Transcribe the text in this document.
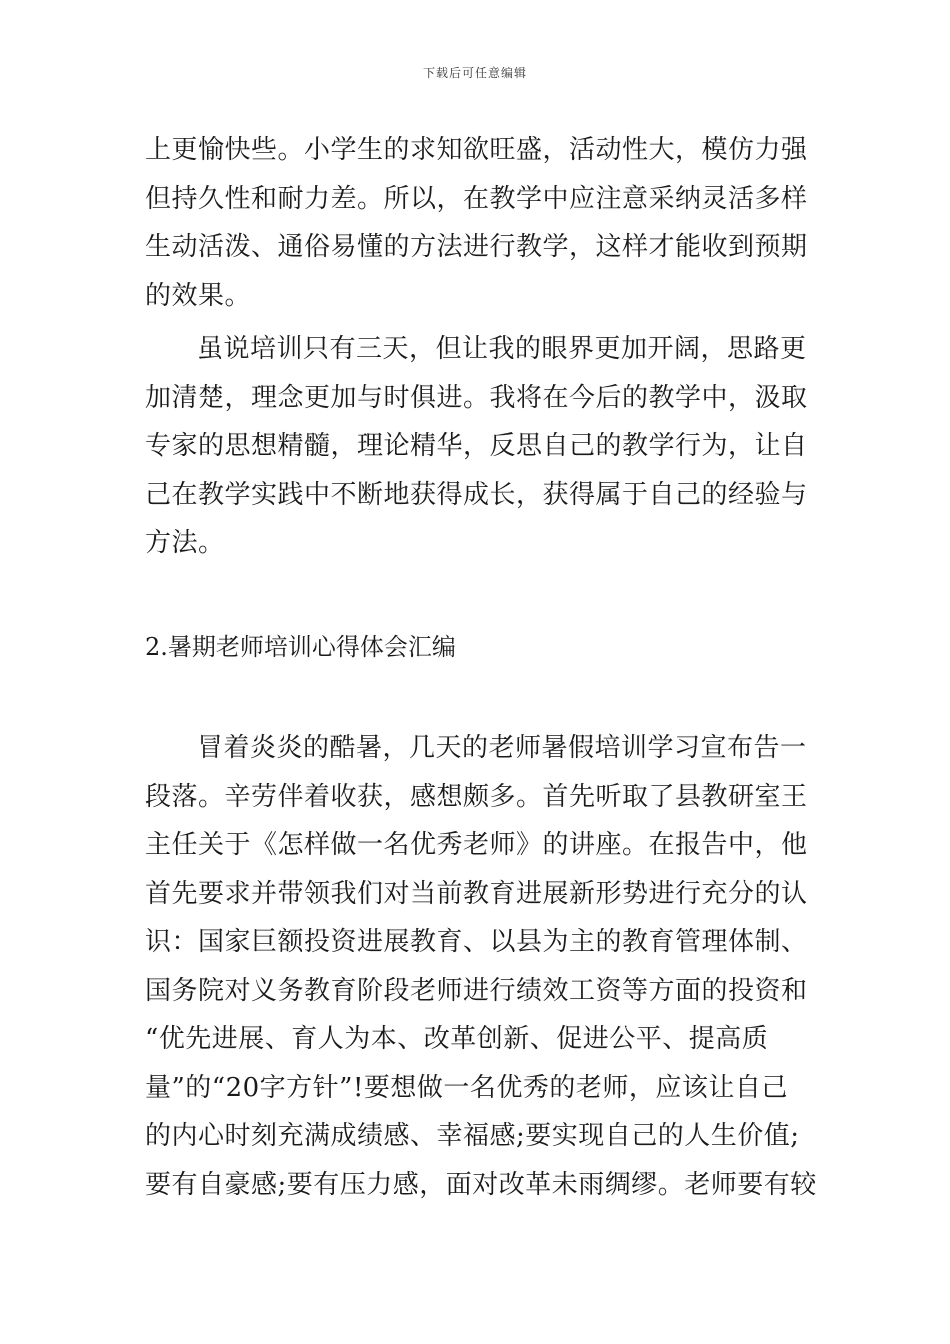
下载后可任意编辑
上更愉快些。小学生的求知欲旺盛，活动性大，模仿力强
但持久性和耐力差。所以，在教学中应注意采纳灵活多样
生动活泼、通俗易懂的方法进行教学，这样才能收到预期
的效果。
虽说培训只有三天，但让我的眼界更加开阔，思路更
加清楚，理念更加与时俱进。我将在今后的教学中，汲取
专家的思想精髓，理论精华，反思自己的教学行为，让自
己在教学实践中不断地获得成长，获得属于自己的经验与
方法。
2.暑期老师培训心得体会汇编
冒着炎炎的酷暑，几天的老师暑假培训学习宣布告一
段落。辛劳伴着收获，感想颇多。首先听取了县教研室王
主任关于《怎样做一名优秀老师》的讲座。在报告中，他
首先要求并带领我们对当前教育进展新形势进行充分的认
识：国家巨额投资进展教育、以县为主的教育管理体制、
国务院对义务教育阶段老师进行绩效工资等方面的投资和
“优先进展、育人为本、改革创新、促进公平、提高质
量”的“20字方针”!要想做一名优秀的老师，应该让自己
的内心时刻充满成绩感、幸福感;要实现自己的人生价值;
要有自豪感;要有压力感，面对改革未雨绸缪。老师要有较
